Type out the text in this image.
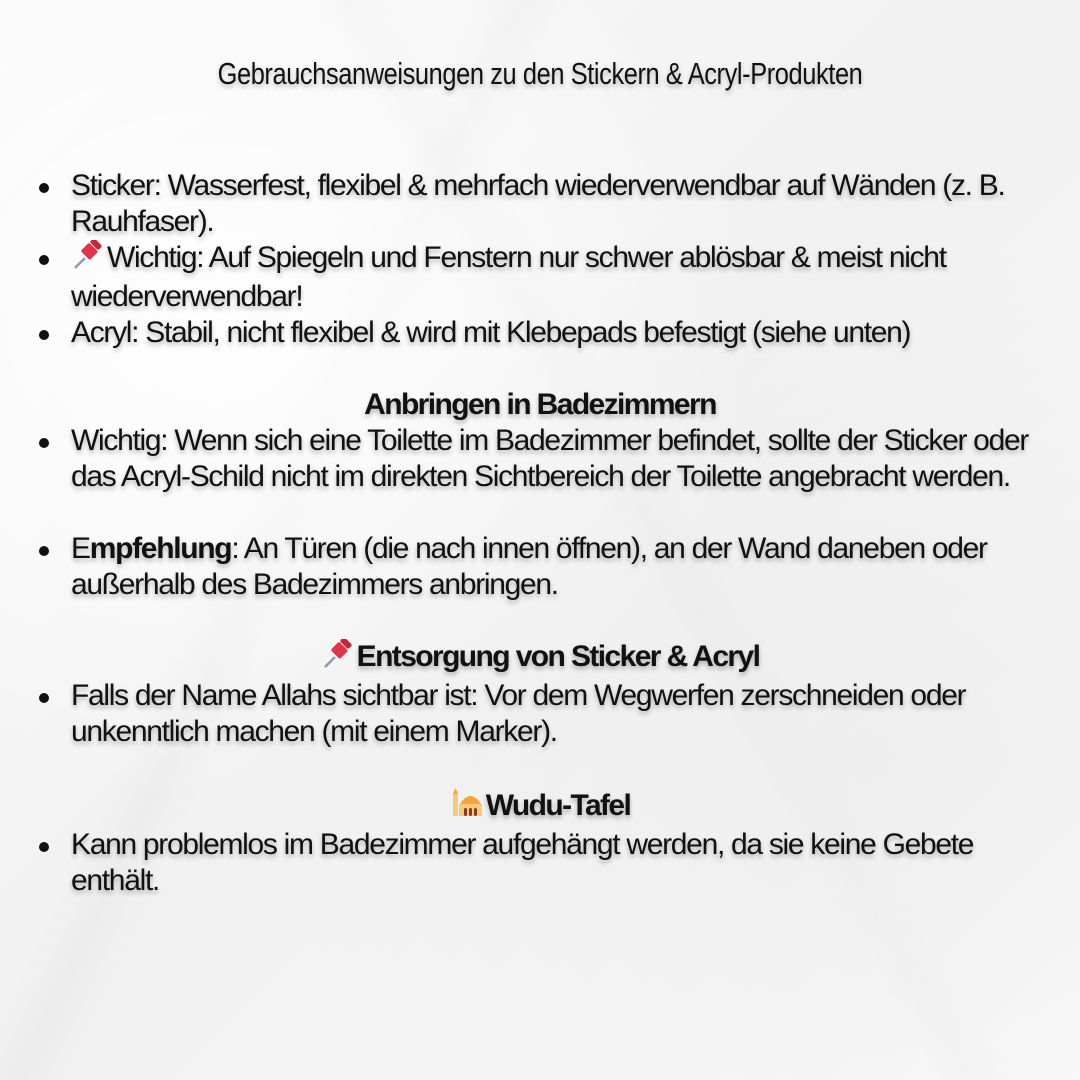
Gebrauchsanweisungen zu den Stickern & Acryl-Produkten
Sticker: Wasserfest, flexibel & mehrfach wiederverwendbar auf Wänden (z. B. Rauhfaser).
Wichtig: Auf Spiegeln und Fenstern nur schwer ablösbar & meist nicht wiederverwendbar!
Acryl: Stabil, nicht flexibel & wird mit Klebepads befestigt (siehe unten)
Anbringen in Badezimmern
Wichtig: Wenn sich eine Toilette im Badezimmer befindet, sollte der Sticker oder das Acryl-Schild nicht im direkten Sichtbereich der Toilette angebracht werden.
Empfehlung: An Türen (die nach innen öffnen), an der Wand daneben oder außerhalb des Badezimmers anbringen.
Entsorgung von Sticker & Acryl
Falls der Name Allahs sichtbar ist: Vor dem Wegwerfen zerschneiden oder unkenntlich machen (mit einem Marker).
Wudu-Tafel
Kann problemlos im Badezimmer aufgehängt werden, da sie keine Gebete enthält.
